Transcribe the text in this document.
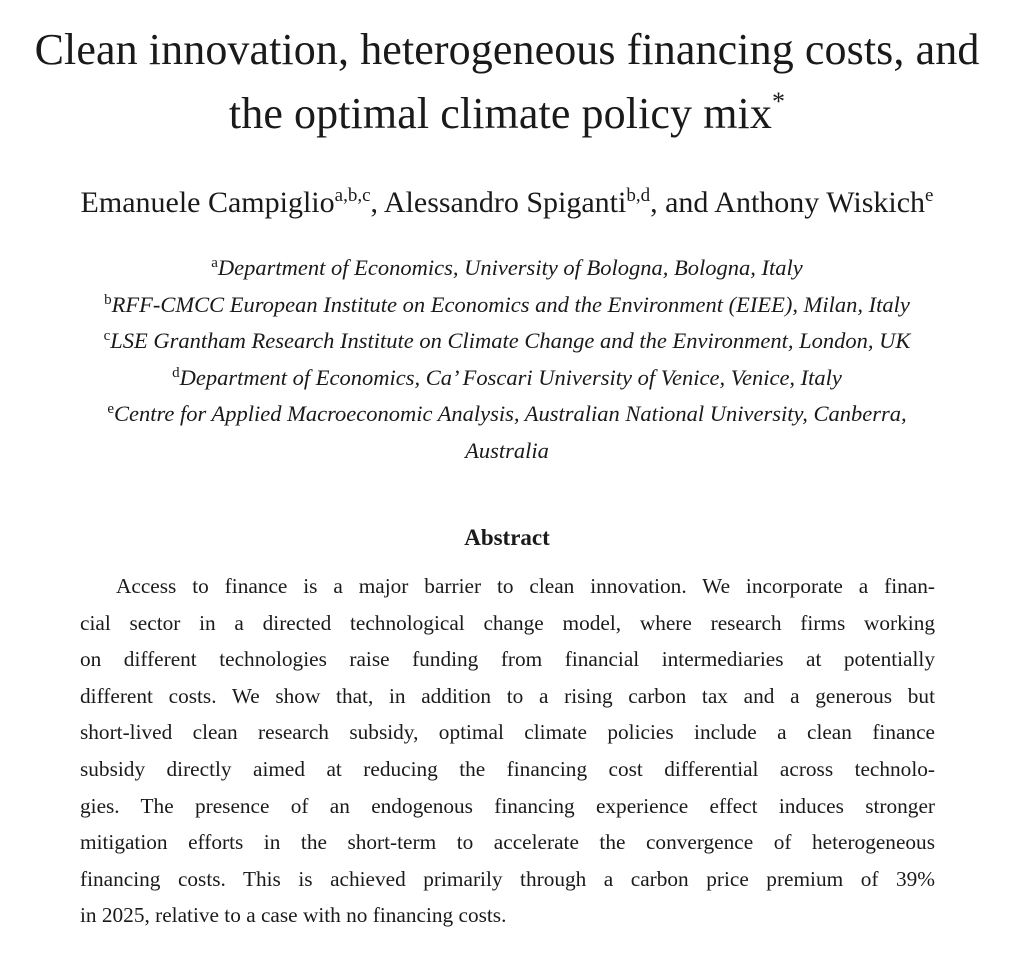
Clean innovation, heterogeneous financing costs, and
the optimal climate policy mix*
Emanuele Campiglio$^{a,b,c}$, Alessandro Spiganti$^{b,d}$, and Anthony Wiskich$^e$
$^a$Department of Economics, University of Bologna, Bologna, Italy
$^b$RFF-CMCC European Institute on Economics and the Environment (EIEE), Milan, Italy
$^c$LSE Grantham Research Institute on Climate Change and the Environment, London, UK
$^d$Department of Economics, Ca’ Foscari University of Venice, Venice, Italy
$^e$Centre for Applied Macroeconomic Analysis, Australian National University, Canberra,
Australia
Abstract
Access to finance is a major barrier to clean innovation. We incorporate a finan-
cial sector in a directed technological change model, where research firms working
on different technologies raise funding from financial intermediaries at potentially
different costs. We show that, in addition to a rising carbon tax and a generous but
short-lived clean research subsidy, optimal climate policies include a clean finance
subsidy directly aimed at reducing the financing cost differential across technolo-
gies. The presence of an endogenous financing experience effect induces stronger
mitigation efforts in the short-term to accelerate the convergence of heterogeneous
financing costs. This is achieved primarily through a carbon price premium of 39%
in 2025, relative to a case with no financing costs.
